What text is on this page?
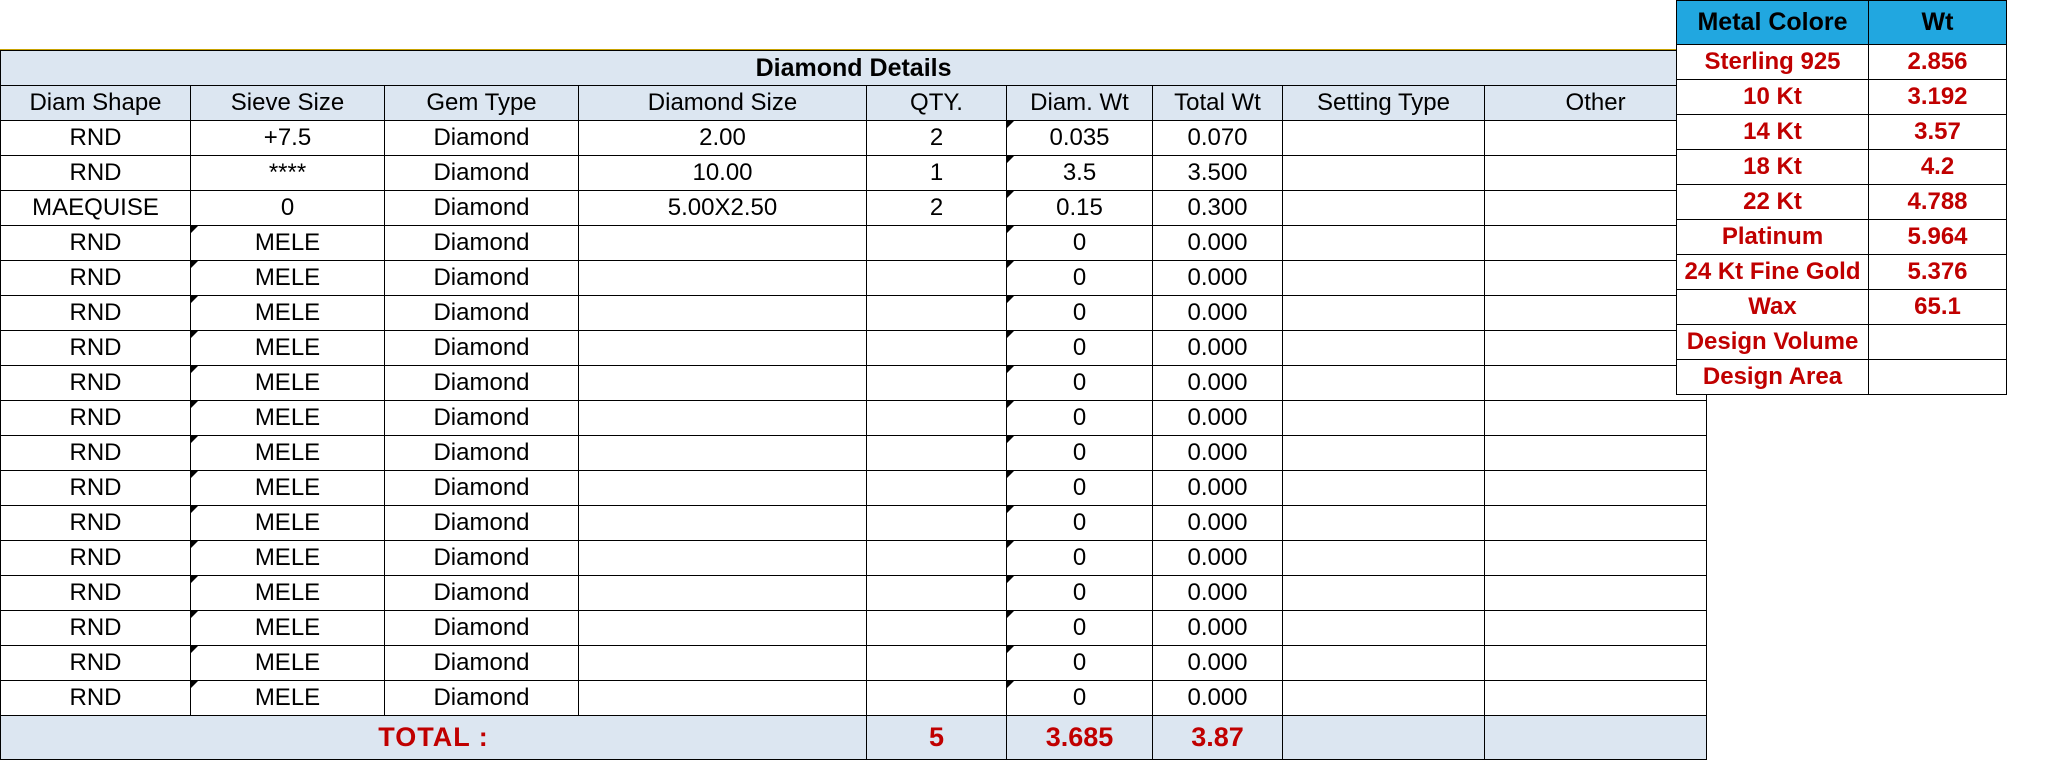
Diamond Details								
Diam Shape	Sieve Size	Gem Type	Diamond Size	QTY.	Diam. Wt	Total Wt	Setting Type	Other
RND	+7.5	Diamond	2.00	2	0.035	0.070		
RND	****	Diamond	10.00	1	3.5	3.500		
MAEQUISE	0	Diamond	5.00X2.50	2	0.15	0.300		
RND	MELE	Diamond			0	0.000		
RND	MELE	Diamond			0	0.000		
RND	MELE	Diamond			0	0.000		
RND	MELE	Diamond			0	0.000		
RND	MELE	Diamond			0	0.000		
RND	MELE	Diamond			0	0.000		
RND	MELE	Diamond			0	0.000		
RND	MELE	Diamond			0	0.000		
RND	MELE	Diamond			0	0.000		
RND	MELE	Diamond			0	0.000		
RND	MELE	Diamond			0	0.000		
RND	MELE	Diamond			0	0.000		
RND	MELE	Diamond			0	0.000		
RND	MELE	Diamond			0	0.000		
TOTAL :				5	3.685	3.87		
Metal Colore	Wt
Sterling 925	2.856
10 Kt	3.192
14 Kt	3.57
18 Kt	4.2
22 Kt	4.788
Platinum	5.964
24 Kt Fine Gold	5.376
Wax	65.1
Design Volume	
Design Area	
